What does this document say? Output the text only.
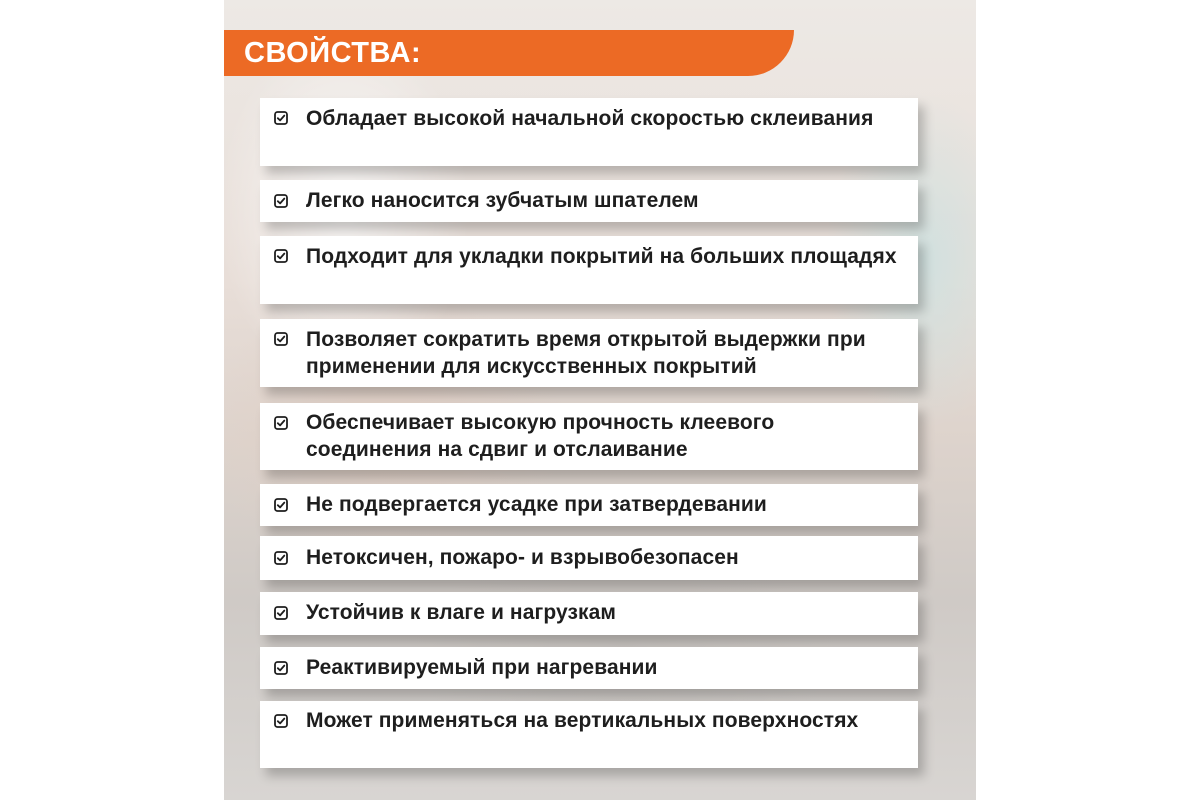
СВОЙСТВА:
Обладает высокой начальной скоростью склеивания
Легко наносится зубчатым шпателем
Подходит для укладки покрытий на больших площадях
Позволяет сократить время открытой выдержки при применении для искусственных покрытий
Обеспечивает высокую прочность клеевого соединения на сдвиг и отслаивание
Не подвергается усадке при затвердевании
Нетоксичен, пожаро- и взрывобезопасен
Устойчив к влаге и нагрузкам
Реактивируемый при нагревании
Может применяться на вертикальных поверхностях
